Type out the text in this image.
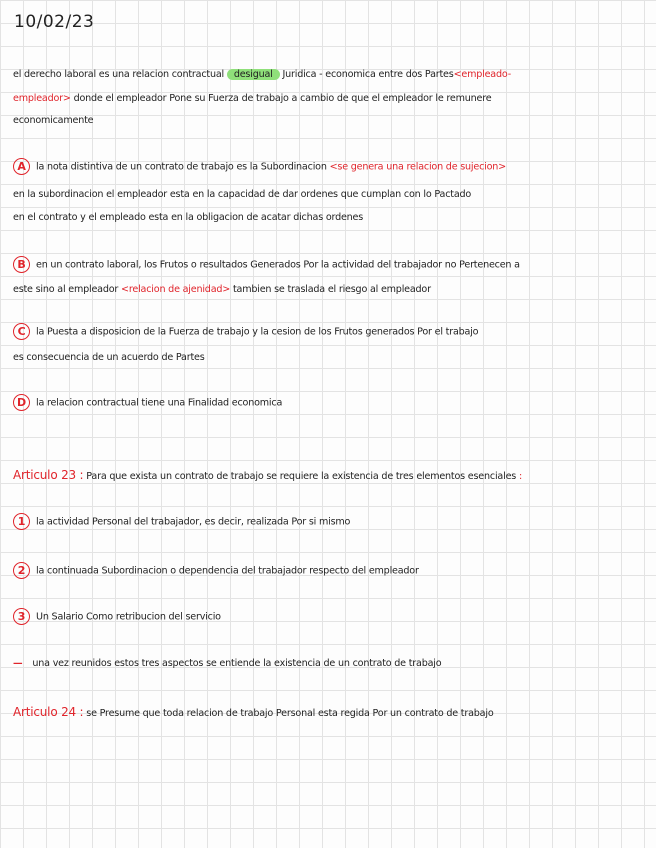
10/02/23
el derecho laboral es una relacion contractual desigual Juridica - economica entre dos Partes<empleado-
empleador> donde el empleador Pone su Fuerza de trabajo a cambio de que el empleador le remunere
economicamente
A la nota distintiva de un contrato de trabajo es la Subordinacion <se genera una relacion de sujecion>
en la subordinacion el empleador esta en la capacidad de dar ordenes que cumplan con lo Pactado
en el contrato y el empleado esta en la obligacion de acatar dichas ordenes
B en un contrato laboral, los Frutos o resultados Generados Por la actividad del trabajador no Pertenecen a
este sino al empleador <relacion de ajenidad> tambien se traslada el riesgo al empleador
C la Puesta a disposicion de la Fuerza de trabajo y la cesion de los Frutos generados Por el trabajo
es consecuencia de un acuerdo de Partes
D la relacion contractual tiene una Finalidad economica
Articulo 23 : Para que exista un contrato de trabajo se requiere la existencia de tres elementos esenciales :
1 la actividad Personal del trabajador, es decir, realizada Por si mismo
2 la continuada Subordinacion o dependencia del trabajador respecto del empleador
3 Un Salario Como retribucion del servicio
— una vez reunidos estos tres aspectos se entiende la existencia de un contrato de trabajo
Articulo 24 : se Presume que toda relacion de trabajo Personal esta regida Por un contrato de trabajo
